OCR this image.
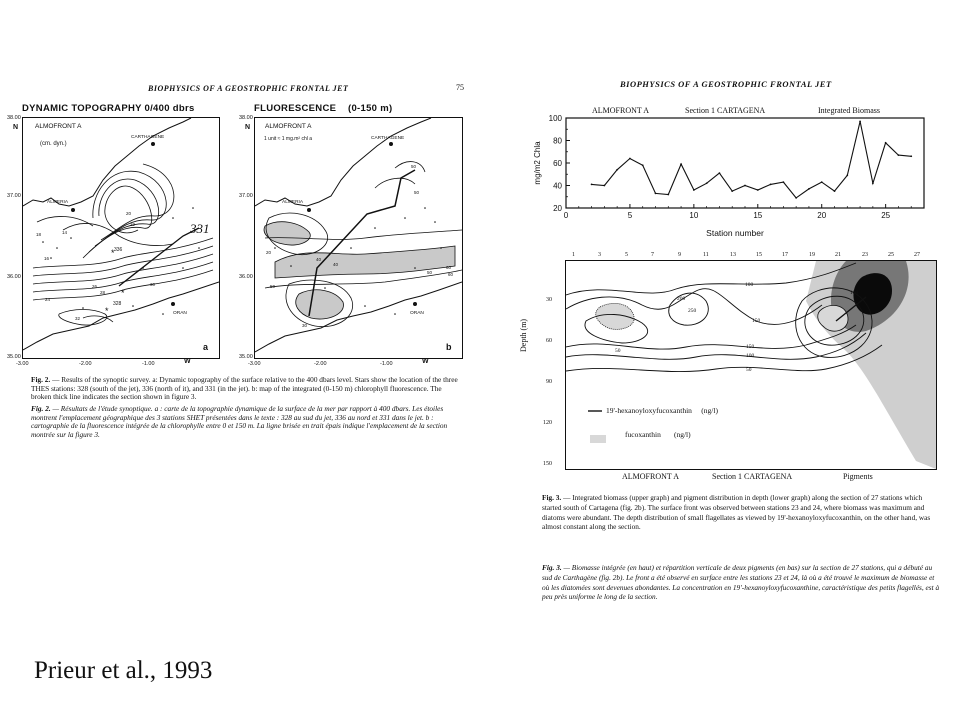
BIOPHYSICS OF A GEOSTROPHIC FRONTAL JET	75
DYNAMIC TOPOGRAPHY 0/400 dbrs	FLUORESCENCE    (0-150 m)
38.00
N
37.00
36.00
35.00
*
*
*
ALMOFRONT A
(cm. dyn.)
CARTHAGENE
ALMERIA
ORAN
331
336
328
14
16
18
20
22
24
26
28
30
32
a
-3.00	-2.00	-1.00	W
38.00
N
37.00
36.00
35.00
ALMOFRONT A
1 unit ≈ 1 mg.m² chl a	CARTHAGENE
ALMERIA
ORAN
50
50
50
40
60
60
50
40
30
20
b
-3.00	-2.00	-1.00	W
Fig. 2. — Results of the synoptic survey. a: Dynamic topography of the surface relative to the 400 dbars level. Stars show the location of the three THES stations: 328 (south of the jet), 336 (north of it), and 331 (in the jet). b: map of the integrated (0-150 m) chlorophyll fluorescence. The broken thick line indicates the section shown in figure 3.
Fig. 2. — Résultats de l'étude synoptique. a : carte de la topographie dynamique de la surface de la mer par rapport à 400 dbars. Les étoiles montrent l'emplacement géographique des 3 stations SHET présentées dans le texte : 328 au sud du jet, 336 au nord et 331 dans le jet. b : cartographie de la fluorescence intégrée de la chlorophylle entre 0 et 150 m. La ligne brisée en trait épais indique l'emplacement de la section montrée sur la figure 3.
BIOPHYSICS OF A GEOSTROPHIC FRONTAL JET
ALMOFRONT A	Section 1 CARTAGENA	Integrated Biomass
20
40
60
80
100
0	5	10	15	20	25
Station number
mg/m2 Chla
Depth (m)
30
60
90
120
150
1	3	5	7	9	11	13	15	17	19	21	23	25	27
100
150
200
250
150
100
50
50
100
19'-hexanoyloxyfucoxanthin     (ng/l)
fucoxanthin       (ng/l)
ALMOFRONT A	Section 1 CARTAGENA	Pigments
Fig. 3. — Integrated biomass (upper graph) and pigment distribution in depth (lower graph) along the section of 27 stations which started south of Cartagena (fig. 2b). The surface front was observed between stations 23 and 24, where biomass was maximum and diatoms were abundant. The depth distribution of small flagellates as viewed by 19'-hexanoyloxyfucoxanthin, on the other hand, was almost constant along the section.
Fig. 3. — Biomasse intégrée (en haut) et répartition verticale de deux pigments (en bas) sur la section de 27 stations, qui a débuté au sud de Carthagène (fig. 2b). Le front a été observé en surface entre les stations 23 et 24, là où a été trouvé le maximum de biomasse et où les diatomées sont devenues abondantes. La concentration en 19'-hexanoyloxyfucoxanthine, caractéristique des petits flagellés, est à peu près uniforme le long de la section.
Prieur et al., 1993
